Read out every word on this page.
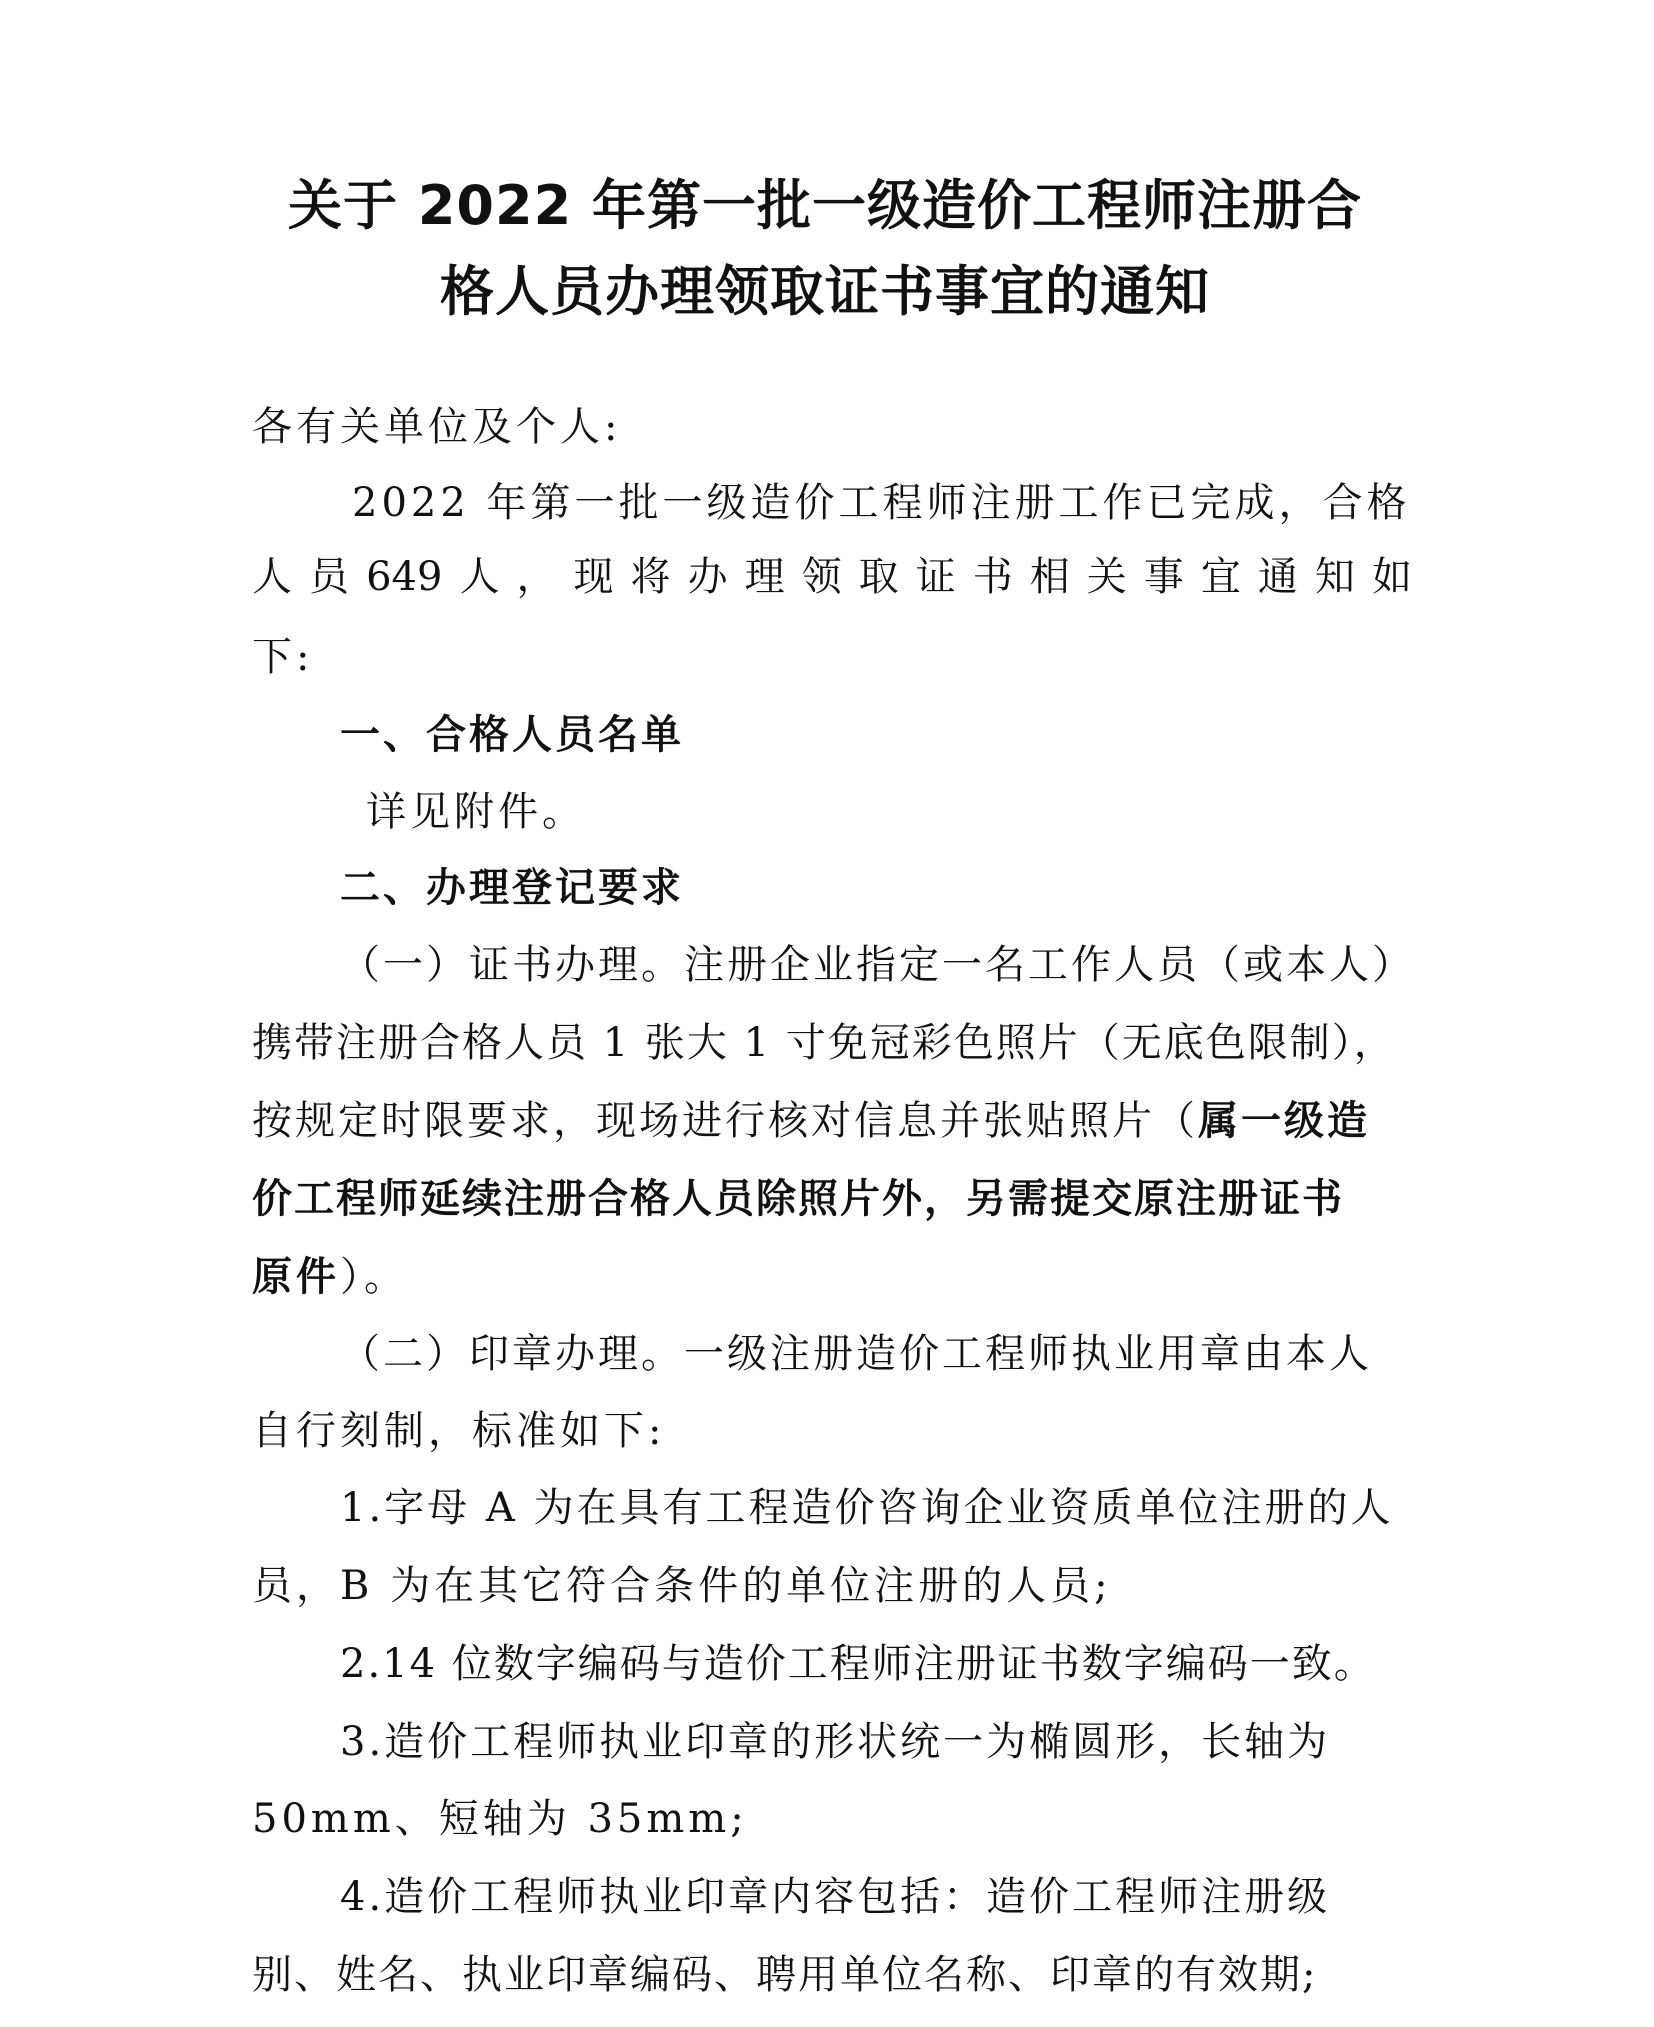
关于 2022 年第一批一级造价工程师注册合
格人员办理领取证书事宜的通知
各有关单位及个人:
2022 年第一批一级造价工程师注册工作已完成，合格
人 员 649 人 ， 现 将 办 理 领 取 证 书 相 关 事 宜 通 知 如
下:
一、合格人员名单
详见附件。
二、办理登记要求
（一）证书办理。注册企业指定一名工作人员（或本人）
携带注册合格人员 1 张大 1 寸免冠彩色照片（无底色限制），
按规定时限要求，现场进行核对信息并张贴照片（属一级造
价工程师延续注册合格人员除照片外，另需提交原注册证书
原件）。
（二）印章办理。一级注册造价工程师执业用章由本人
自行刻制，标准如下:
1.字母 A 为在具有工程造价咨询企业资质单位注册的人
员，B 为在其它符合条件的单位注册的人员;
2.14 位数字编码与造价工程师注册证书数字编码一致。
3.造价工程师执业印章的形状统一为椭圆形，长轴为
50mm、短轴为 35mm;
4.造价工程师执业印章内容包括：造价工程师注册级
别、姓名、执业印章编码、聘用单位名称、印章的有效期;
